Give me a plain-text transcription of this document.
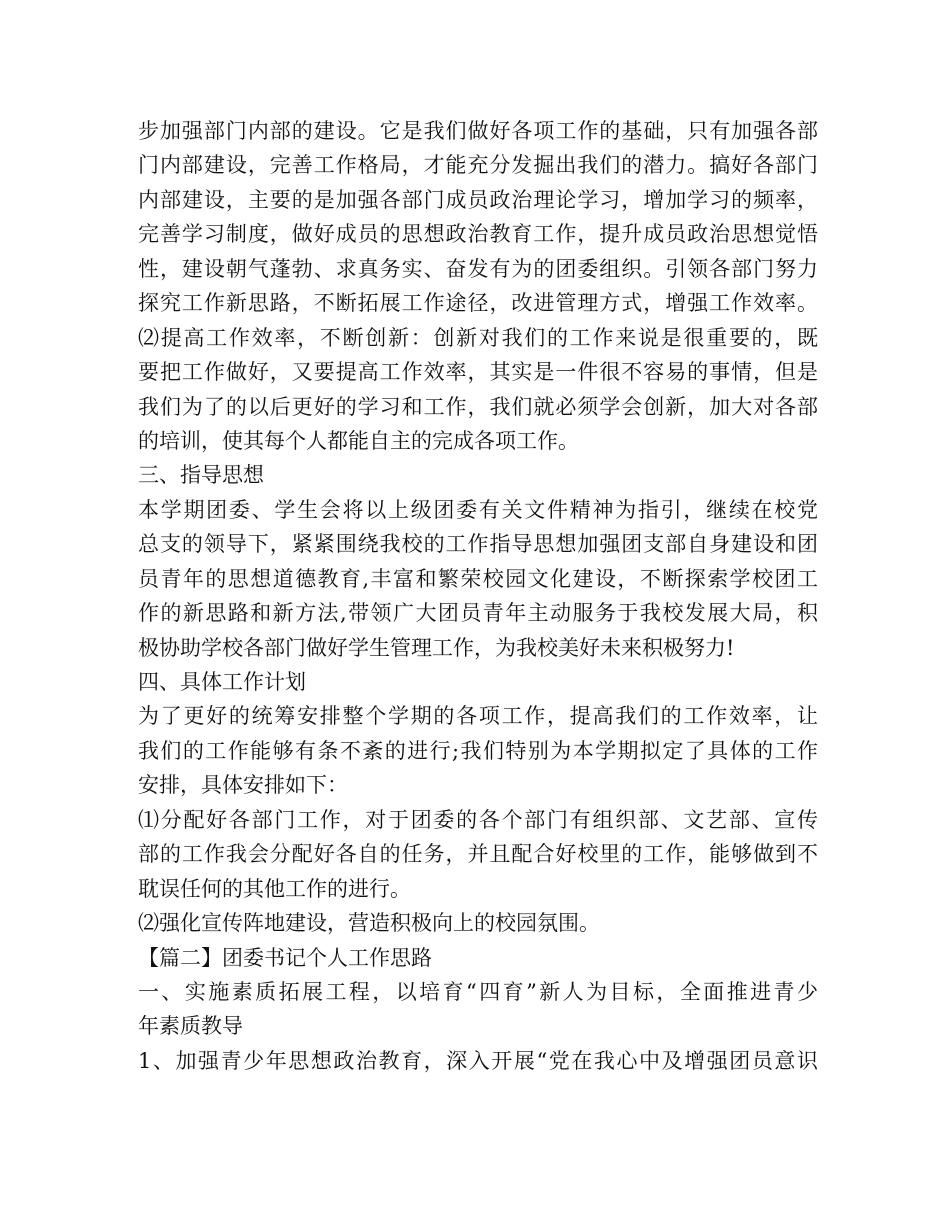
步加强部门内部的建设。它是我们做好各项工作的基础，只有加强各部
门内部建设，完善工作格局，才能充分发掘出我们的潜力。搞好各部门
内部建设，主要的是加强各部门成员政治理论学习，增加学习的频率，
完善学习制度，做好成员的思想政治教育工作，提升成员政治思想觉悟
性，建设朝气蓬勃、求真务实、奋发有为的团委组织。引领各部门努力
探究工作新思路，不断拓展工作途径，改进管理方式，增强工作效率。
⑵提高工作效率，不断创新：创新对我们的工作来说是很重要的，既
要把工作做好，又要提高工作效率，其实是一件很不容易的事情，但是
我们为了的以后更好的学习和工作，我们就必须学会创新，加大对各部
的培训，使其每个人都能自主的完成各项工作。
三、指导思想
本学期团委、学生会将以上级团委有关文件精神为指引，继续在校党
总支的领导下，紧紧围绕我校的工作指导思想加强团支部自身建设和团
员青年的思想道德教育,丰富和繁荣校园文化建设，不断探索学校团工
作的新思路和新方法,带领广大团员青年主动服务于我校发展大局，积
极协助学校各部门做好学生管理工作，为我校美好未来积极努力!
四、具体工作计划
为了更好的统筹安排整个学期的各项工作，提高我们的工作效率，让
我们的工作能够有条不紊的进行;我们特别为本学期拟定了具体的工作
安排，具体安排如下：
⑴分配好各部门工作，对于团委的各个部门有组织部、文艺部、宣传
部的工作我会分配好各自的任务，并且配合好校里的工作，能够做到不
耽误任何的其他工作的进行。
⑵强化宣传阵地建设，营造积极向上的校园氛围。
【篇二】团委书记个人工作思路
一、实施素质拓展工程，以培育“四育”新人为目标，全面推进青少
年素质教导
1、加强青少年思想政治教育，深入开展“党在我心中及增强团员意识
